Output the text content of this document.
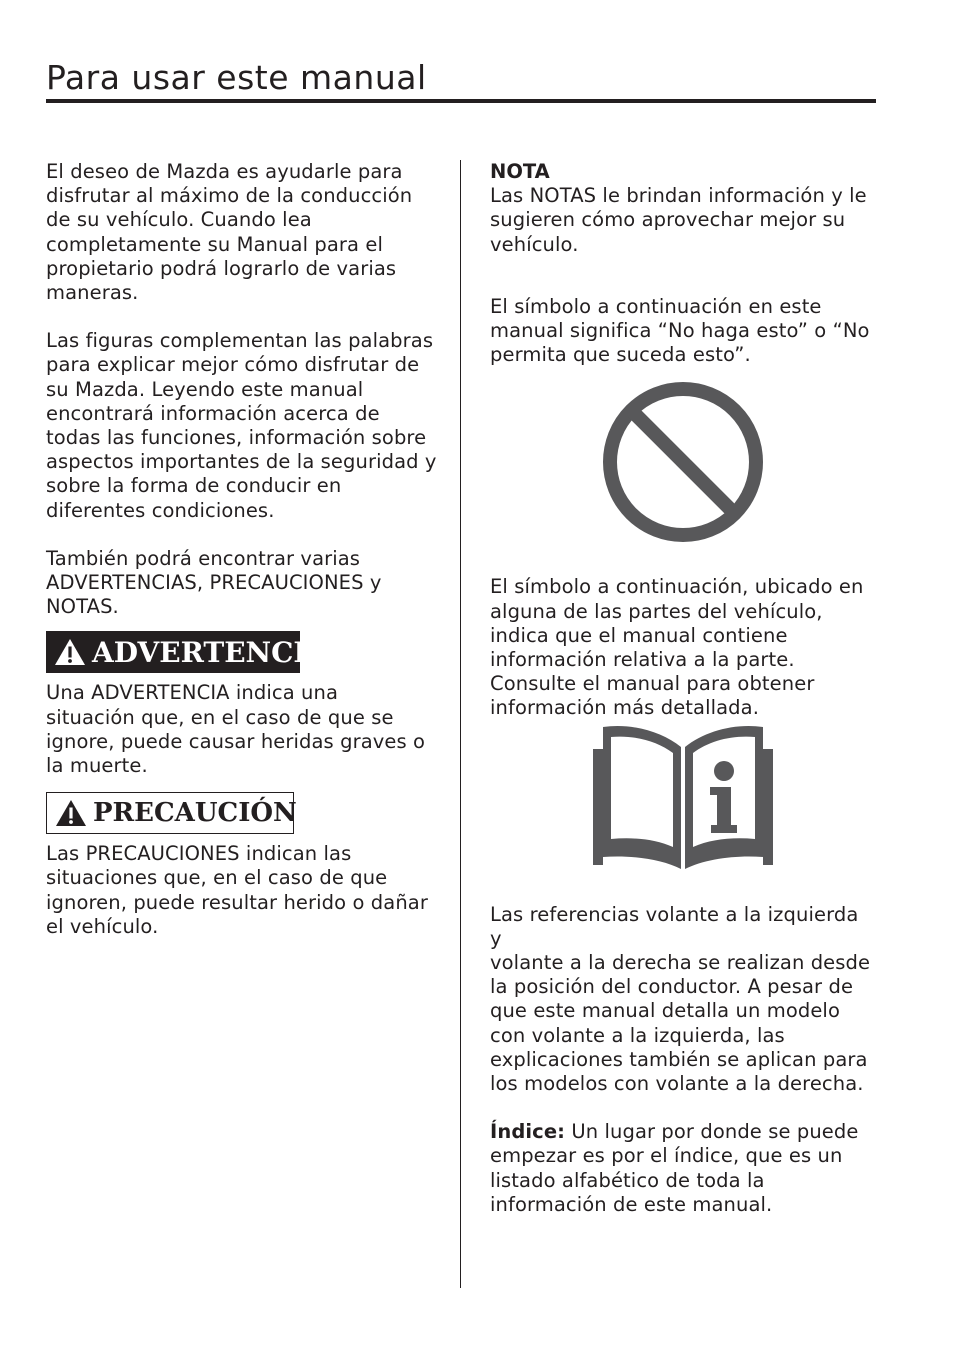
Para usar este manual

El deseo de Mazda es ayudarle para
disfrutar al máximo de la conducción
de su vehículo. Cuando lea
completamente su Manual para el
propietario podrá lograrlo de varias
maneras.

Las figuras complementan las palabras
para explicar mejor cómo disfrutar de
su Mazda. Leyendo este manual
encontrará información acerca de
todas las funciones, información sobre
aspectos importantes de la seguridad y
sobre la forma de conducir en
diferentes condiciones.

También podrá encontrar varias
ADVERTENCIAS, PRECAUCIONES y
NOTAS.

ADVERTENCIA

Una ADVERTENCIA indica una
situación que, en el caso de que se
ignore, puede causar heridas graves o
la muerte.

PRECAUCIÓN

Las PRECAUCIONES indican las
situaciones que, en el caso de que
ignoren, puede resultar herido o dañar
el vehículo.

NOTA

Las NOTAS le brindan información y le
sugieren cómo aprovechar mejor su
vehículo.

El símbolo a continuación en este
manual significa “No haga esto” o “No
permita que suceda esto”.

El símbolo a continuación, ubicado en
alguna de las partes del vehículo,
indica que el manual contiene
información relativa a la parte.
Consulte el manual para obtener
información más detallada.

Las referencias volante a la izquierda y
volante a la derecha se realizan desde
la posición del conductor. A pesar de
que este manual detalla un modelo
con volante a la izquierda, las
explicaciones también se aplican para
los modelos con volante a la derecha.

Índice: Un lugar por donde se puede
empezar es por el índice, que es un
listado alfabético de toda la
información de este manual.
